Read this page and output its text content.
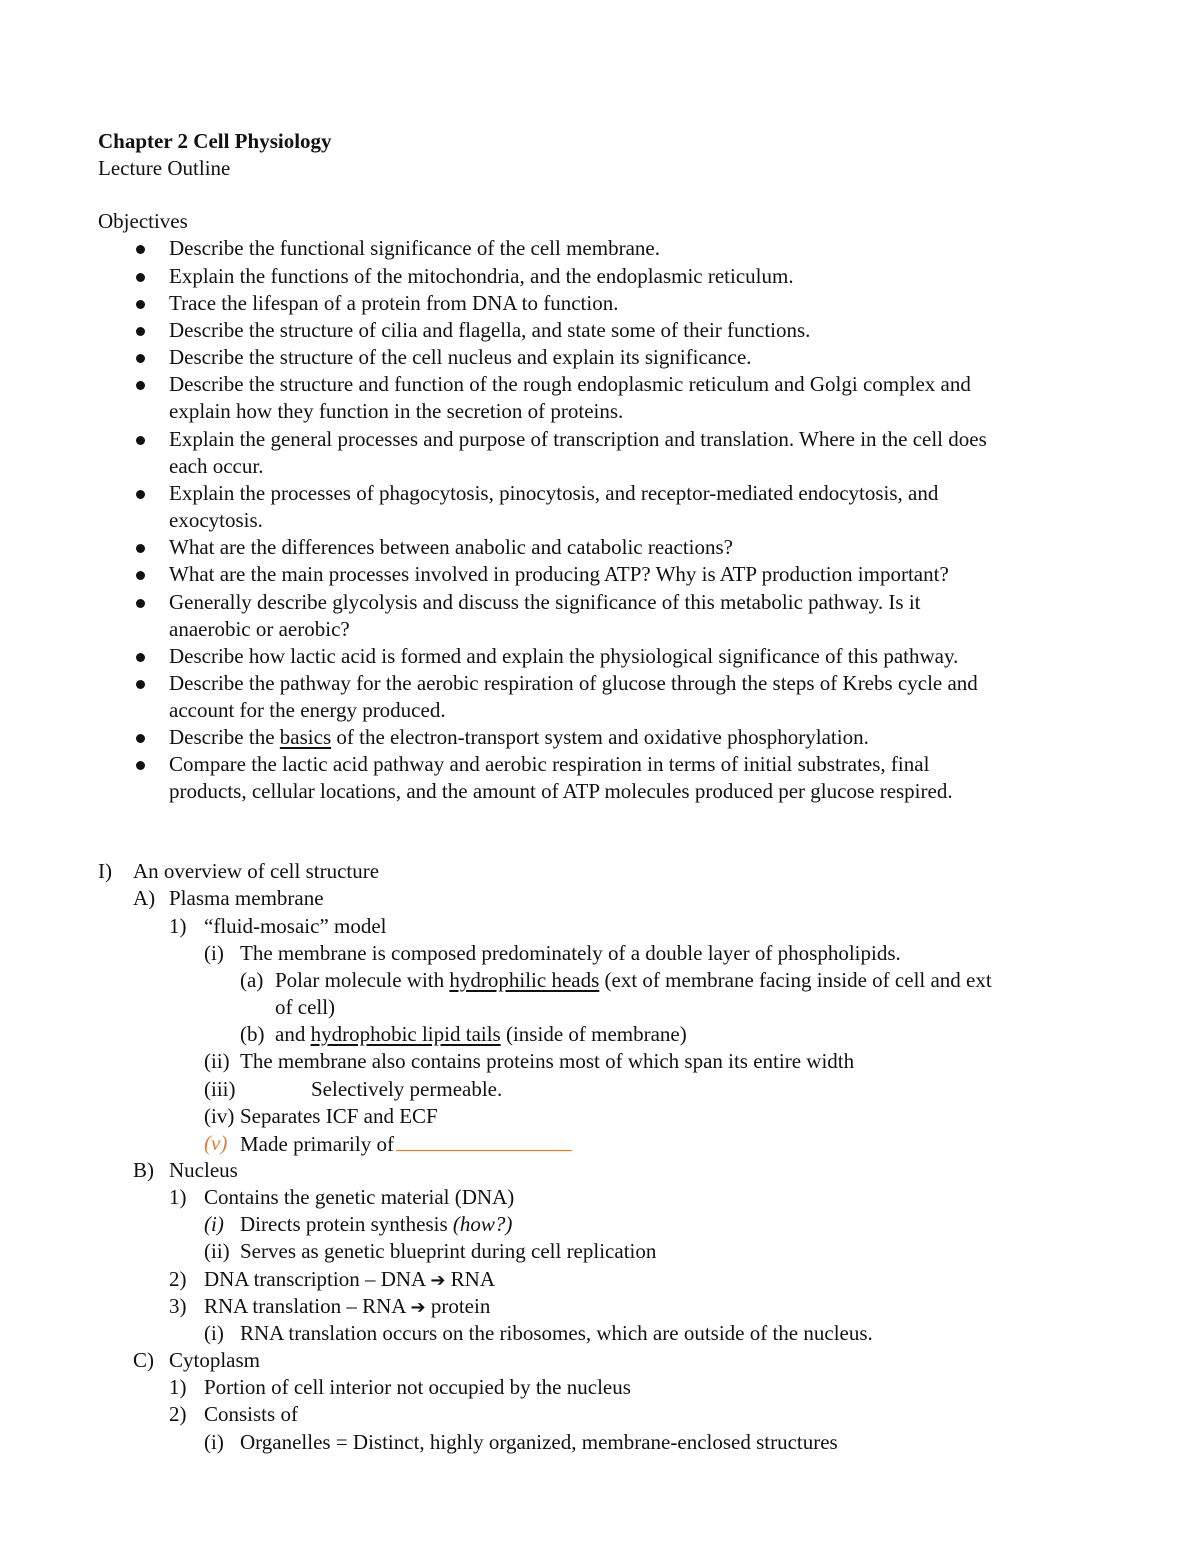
Chapter 2 Cell Physiology
Lecture Outline
Objectives
Describe the functional significance of the cell membrane.
Explain the functions of the mitochondria, and the endoplasmic reticulum.
Trace the lifespan of a protein from DNA to function.
Describe the structure of cilia and flagella, and state some of their functions.
Describe the structure of the cell nucleus and explain its significance.
Describe the structure and function of the rough endoplasmic reticulum and Golgi complex and
explain how they function in the secretion of proteins.
Explain the general processes and purpose of transcription and translation. Where in the cell does
each occur.
Explain the processes of phagocytosis, pinocytosis, and receptor-mediated endocytosis, and
exocytosis.
What are the differences between anabolic and catabolic reactions?
What are the main processes involved in producing ATP? Why is ATP production important?
Generally describe glycolysis and discuss the significance of this metabolic pathway. Is it
anaerobic or aerobic?
Describe how lactic acid is formed and explain the physiological significance of this pathway.
Describe the pathway for the aerobic respiration of glucose through the steps of Krebs cycle and
account for the energy produced.
Describe the basics of the electron-transport system and oxidative phosphorylation.
Compare the lactic acid pathway and aerobic respiration in terms of initial substrates, final
products, cellular locations, and the amount of ATP molecules produced per glucose respired.
I) An overview of cell structure
A) Plasma membrane
1) “fluid-mosaic” model
(i) The membrane is composed predominately of a double layer of phospholipids.
(a) Polar molecule with hydrophilic heads (ext of membrane facing inside of cell and ext
of cell)
(b) and hydrophobic lipid tails (inside of membrane)
(ii) The membrane also contains proteins most of which span its entire width
(iii)	Selectively permeable.
(iv) Separates ICF and ECF
(v) Made primarily of
B) Nucleus
1) Contains the genetic material (DNA)
(i) Directs protein synthesis (how?)
(ii) Serves as genetic blueprint during cell replication
2) DNA transcription – DNA ➔ RNA
3) RNA translation – RNA ➔ protein
(i) RNA translation occurs on the ribosomes, which are outside of the nucleus.
C) Cytoplasm
1) Portion of cell interior not occupied by the nucleus
2) Consists of
(i) Organelles = Distinct, highly organized, membrane-enclosed structures
